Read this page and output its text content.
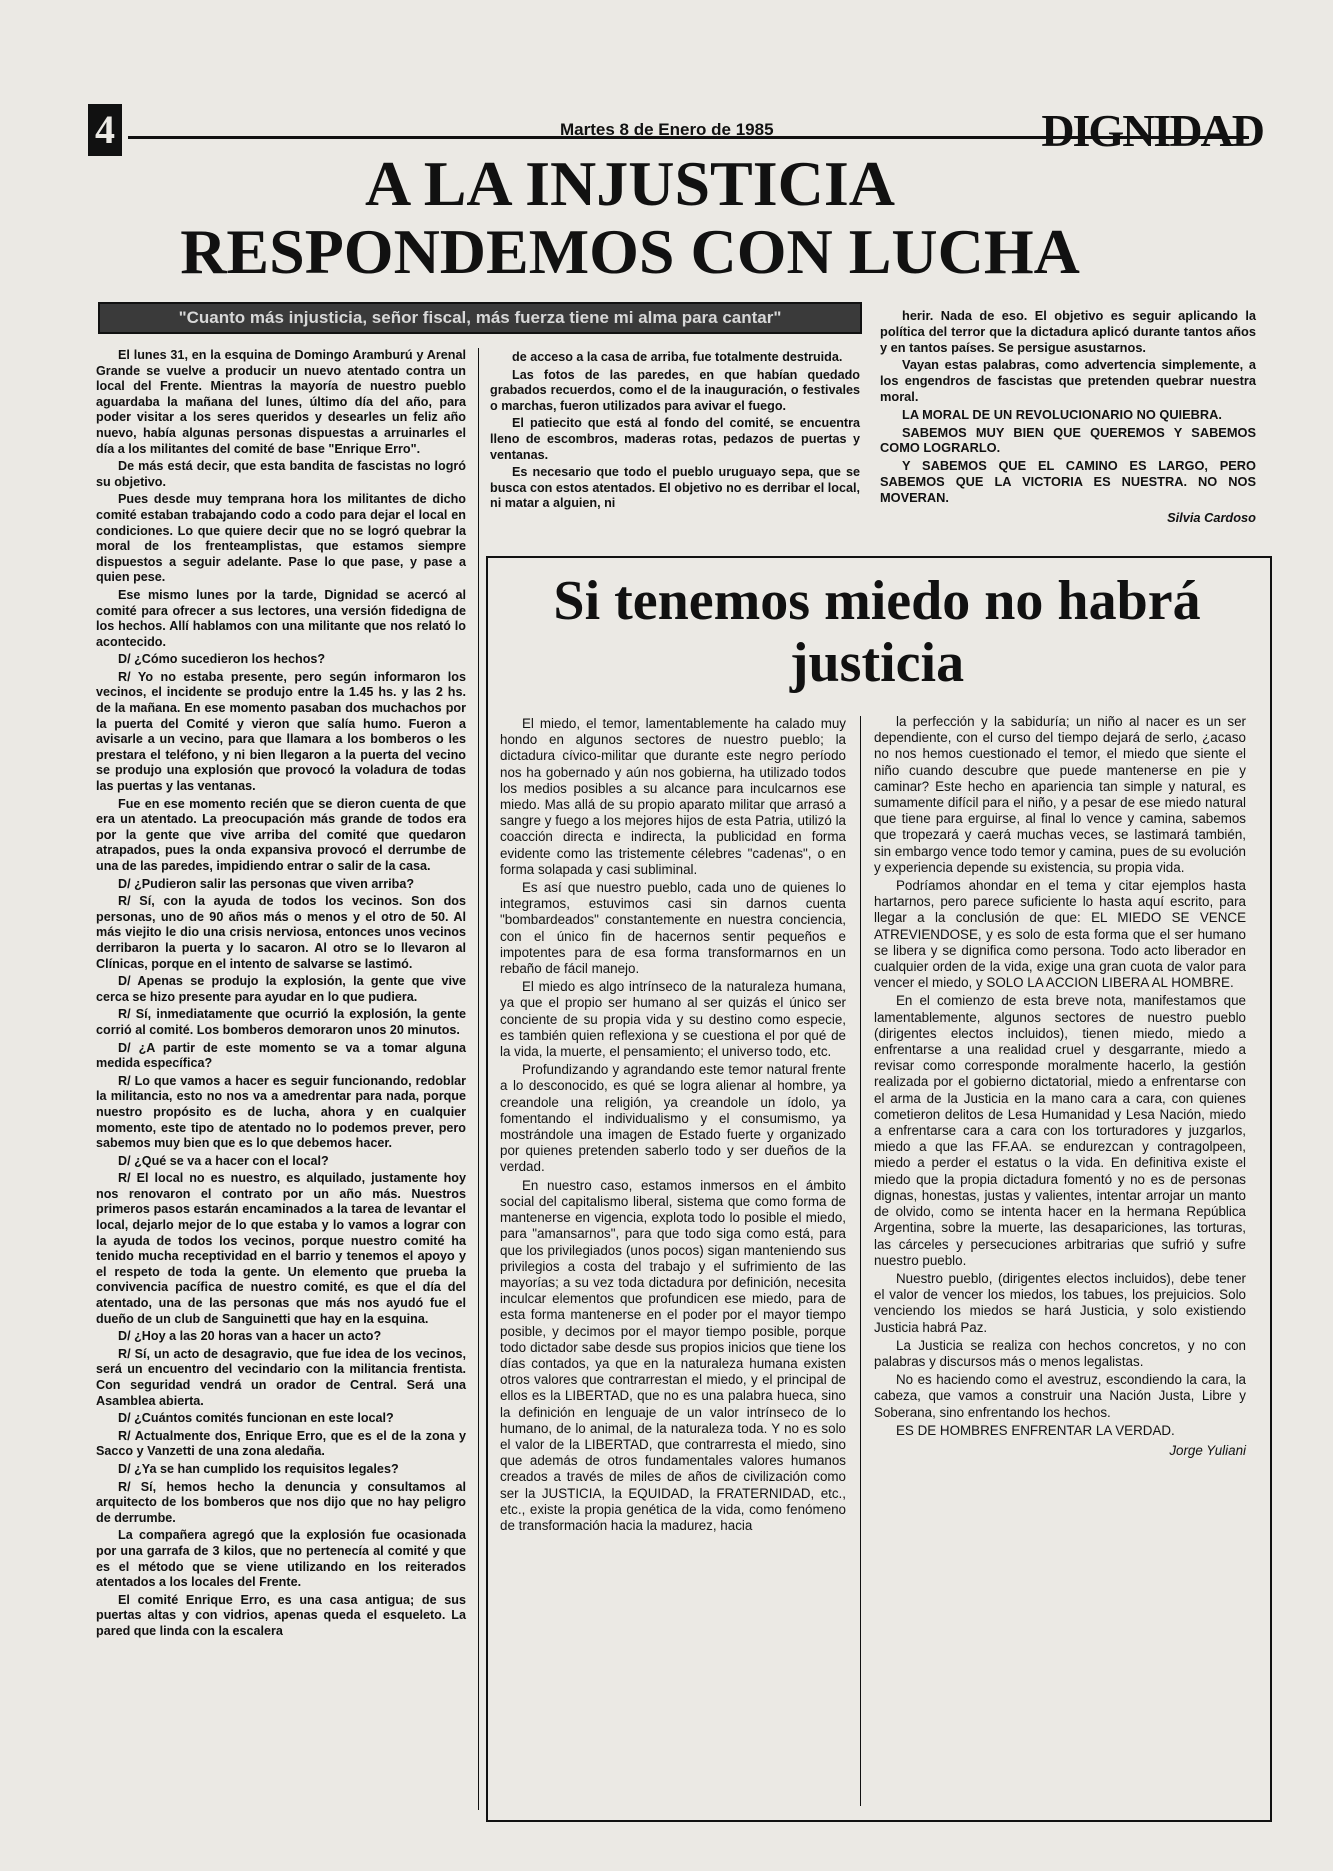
4	Martes 8 de Enero de 1985	DIGNIDAD
A LA INJUSTICIA RESPONDEMOS CON LUCHA
"Cuanto más injusticia, señor fiscal, más fuerza tiene mi alma para cantar"

El lunes 31, en la esquina de Domingo Aramburú y Arenal Grande se vuelve a producir un nuevo atentado contra un local del Frente. Mientras la mayoría de nuestro pueblo aguardaba la mañana del lunes, último día del año, para poder visitar a los seres queridos y desearles un feliz año nuevo, había algunas personas dispuestas a arruinarles el día a los militantes del comité de base "Enrique Erro".

De más está decir, que esta bandita de fascistas no logró su objetivo.

Pues desde muy temprana hora los militantes de dicho comité estaban trabajando codo a codo para dejar el local en condiciones. Lo que quiere decir que no se logró quebrar la moral de los frenteamplistas, que estamos siempre dispuestos a seguir adelante. Pase lo que pase, y pase a quien pese.

Ese mismo lunes por la tarde, Dignidad se acercó al comité para ofrecer a sus lectores, una versión fidedigna de los hechos. Allí hablamos con una militante que nos relató lo acontecido.

D/ ¿Cómo sucedieron los hechos?

R/ Yo no estaba presente, pero según informaron los vecinos, el incidente se produjo entre la 1.45 hs. y las 2 hs. de la mañana. En ese momento pasaban dos muchachos por la puerta del Comité y vieron que salía humo. Fueron a avisarle a un vecino, para que llamara a los bomberos o les prestara el teléfono, y ni bien llegaron a la puerta del vecino se produjo una explosión que provocó la voladura de todas las puertas y las ventanas.

Fue en ese momento recién que se dieron cuenta de que era un atentado. La preocupación más grande de todos era por la gente que vive arriba del comité que quedaron atrapados, pues la onda expansiva provocó el derrumbe de una de las paredes, impidiendo entrar o salir de la casa.

D/ ¿Pudieron salir las personas que viven arriba?

R/ Sí, con la ayuda de todos los vecinos. Son dos personas, uno de 90 años más o menos y el otro de 50. Al más viejito le dio una crisis nerviosa, entonces unos vecinos derribaron la puerta y lo sacaron. Al otro se lo llevaron al Clínicas, porque en el intento de salvarse se lastimó.

D/ Apenas se produjo la explosión, la gente que vive cerca se hizo presente para ayudar en lo que pudiera.

R/ Sí, inmediatamente que ocurrió la explosión, la gente corrió al comité. Los bomberos demoraron unos 20 minutos.

D/ ¿A partir de este momento se va a tomar alguna medida específica?

R/ Lo que vamos a hacer es seguir funcionando, redoblar la militancia, esto no nos va a amedrentar para nada, porque nuestro propósito es de lucha, ahora y en cualquier momento, este tipo de atentado no lo podemos prever, pero sabemos muy bien que es lo que debemos hacer.

D/ ¿Qué se va a hacer con el local?

R/ El local no es nuestro, es alquilado, justamente hoy nos renovaron el contrato por un año más. Nuestros primeros pasos estarán encaminados a la tarea de levantar el local, dejarlo mejor de lo que estaba y lo vamos a lograr con la ayuda de todos los vecinos, porque nuestro comité ha tenido mucha receptividad en el barrio y tenemos el apoyo y el respeto de toda la gente. Un elemento que prueba la convivencia pacífica de nuestro comité, es que el día del atentado, una de las personas que más nos ayudó fue el dueño de un club de Sanguinetti que hay en la esquina.

D/ ¿Hoy a las 20 horas van a hacer un acto?

R/ Sí, un acto de desagravio, que fue idea de los vecinos, será un encuentro del vecindario con la militancia frentista. Con seguridad vendrá un orador de Central. Será una Asamblea abierta.

D/ ¿Cuántos comités funcionan en este local?

R/ Actualmente dos, Enrique Erro, que es el de la zona y Sacco y Vanzetti de una zona aledaña.

D/ ¿Ya se han cumplido los requisitos legales?

R/ Sí, hemos hecho la denuncia y consultamos al arquitecto de los bomberos que nos dijo que no hay peligro de derrumbe.

La compañera agregó que la explosión fue ocasionada por una garrafa de 3 kilos, que no pertenecía al comité y que es el método que se viene utilizando en los reiterados atentados a los locales del Frente.

El comité Enrique Erro, es una casa antigua; de sus puertas altas y con vidrios, apenas queda el esqueleto. La pared que linda con la escalera

de acceso a la casa de arriba, fue totalmente destruida.

Las fotos de las paredes, en que habían quedado grabados recuerdos, como el de la inauguración, o festivales o marchas, fueron utilizados para avivar el fuego.

El patiecito que está al fondo del comité, se encuentra lleno de escombros, maderas rotas, pedazos de puertas y ventanas.

Es necesario que todo el pueblo uruguayo sepa, que se busca con estos atentados. El objetivo no es derribar el local, ni matar a alguien, ni

herir. Nada de eso. El objetivo es seguir aplicando la política del terror que la dictadura aplicó durante tantos años y en tantos países. Se persigue asustarnos.

Vayan estas palabras, como advertencia simplemente, a los engendros de fascistas que pretenden quebrar nuestra moral.

LA MORAL DE UN REVOLUCIONARIO NO QUIEBRA.

SABEMOS MUY BIEN QUE QUEREMOS Y SABEMOS COMO LOGRARLO.

Y SABEMOS QUE EL CAMINO ES LARGO, PERO SABEMOS QUE LA VICTORIA ES NUESTRA. NO NOS MOVERAN.

Silvia Cardoso
Si tenemos miedo no habrá justicia

El miedo, el temor, lamentablemente ha calado muy hondo en algunos sectores de nuestro pueblo; la dictadura cívico-militar que durante este negro período nos ha gobernado y aún nos gobierna, ha utilizado todos los medios posibles a su alcance para inculcarnos ese miedo. Mas allá de su propio aparato militar que arrasó a sangre y fuego a los mejores hijos de esta Patria, utilizó la coacción directa e indirecta, la publicidad en forma evidente como las tristemente célebres "cadenas", o en forma solapada y casi subliminal.

Es así que nuestro pueblo, cada uno de quienes lo integramos, estuvimos casi sin darnos cuenta "bombardeados" constantemente en nuestra conciencia, con el único fin de hacernos sentir pequeños e impotentes para de esa forma transformarnos en un rebaño de fácil manejo.

El miedo es algo intrínseco de la naturaleza humana, ya que el propio ser humano al ser quizás el único ser conciente de su propia vida y su destino como especie, es también quien reflexiona y se cuestiona el por qué de la vida, la muerte, el pensamiento; el universo todo, etc.

Profundizando y agrandando este temor natural frente a lo desconocido, es qué se logra alienar al hombre, ya creandole una religión, ya creandole un ídolo, ya fomentando el individualismo y el consumismo, ya mostrándole una imagen de Estado fuerte y organizado por quienes pretenden saberlo todo y ser dueños de la verdad.

En nuestro caso, estamos inmersos en el ámbito social del capitalismo liberal, sistema que como forma de mantenerse en vigencia, explota todo lo posible el miedo, para "amansarnos", para que todo siga como está, para que los privilegiados (unos pocos) sigan manteniendo sus privilegios a costa del trabajo y el sufrimiento de las mayorías; a su vez toda dictadura por definición, necesita inculcar elementos que profundicen ese miedo, para de esta forma mantenerse en el poder por el mayor tiempo posible, y decimos por el mayor tiempo posible, porque todo dictador sabe desde sus propios inicios que tiene los días contados, ya que en la naturaleza humana existen otros valores que contrarrestan el miedo, y el principal de ellos es la LIBERTAD, que no es una palabra hueca, sino la definición en lenguaje de un valor intrínseco de lo humano, de lo animal, de la naturaleza toda. Y no es solo el valor de la LIBERTAD, que contrarresta el miedo, sino que además de otros fundamentales valores humanos creados a través de miles de años de civilización como ser la JUSTICIA, la EQUIDAD, la FRATERNIDAD, etc., etc., existe la propia genética de la vida, como fenómeno de transformación hacia la madurez, hacia

la perfección y la sabiduría; un niño al nacer es un ser dependiente, con el curso del tiempo dejará de serlo, ¿acaso no nos hemos cuestionado el temor, el miedo que siente el niño cuando descubre que puede mantenerse en pie y caminar? Este hecho en apariencia tan simple y natural, es sumamente difícil para el niño, y a pesar de ese miedo natural que tiene para erguirse, al final lo vence y camina, sabemos que tropezará y caerá muchas veces, se lastimará también, sin embargo vence todo temor y camina, pues de su evolución y experiencia depende su existencia, su propia vida.

Podríamos ahondar en el tema y citar ejemplos hasta hartarnos, pero parece suficiente lo hasta aquí escrito, para llegar a la conclusión de que: EL MIEDO SE VENCE ATREVIENDOSE, y es solo de esta forma que el ser humano se libera y se dignifica como persona. Todo acto liberador en cualquier orden de la vida, exige una gran cuota de valor para vencer el miedo, y SOLO LA ACCION LIBERA AL HOMBRE.

En el comienzo de esta breve nota, manifestamos que lamentablemente, algunos sectores de nuestro pueblo (dirigentes electos incluidos), tienen miedo, miedo a enfrentarse a una realidad cruel y desgarrante, miedo a revisar como corresponde moralmente hacerlo, la gestión realizada por el gobierno dictatorial, miedo a enfrentarse con el arma de la Justicia en la mano cara a cara, con quienes cometieron delitos de Lesa Humanidad y Lesa Nación, miedo a enfrentarse cara a cara con los torturadores y juzgarlos, miedo a que las FF.AA. se endurezcan y contragolpeen, miedo a perder el estatus o la vida. En definitiva existe el miedo que la propia dictadura fomentó y no es de personas dignas, honestas, justas y valientes, intentar arrojar un manto de olvido, como se intenta hacer en la hermana República Argentina, sobre la muerte, las desapariciones, las torturas, las cárceles y persecuciones arbitrarias que sufrió y sufre nuestro pueblo.

Nuestro pueblo, (dirigentes electos incluidos), debe tener el valor de vencer los miedos, los tabues, los prejuicios. Solo venciendo los miedos se hará Justicia, y solo existiendo Justicia habrá Paz.

La Justicia se realiza con hechos concretos, y no con palabras y discursos más o menos legalistas.

No es haciendo como el avestruz, escondiendo la cara, la cabeza, que vamos a construir una Nación Justa, Libre y Soberana, sino enfrentando los hechos.

ES DE HOMBRES ENFRENTAR LA VERDAD.

Jorge Yuliani
